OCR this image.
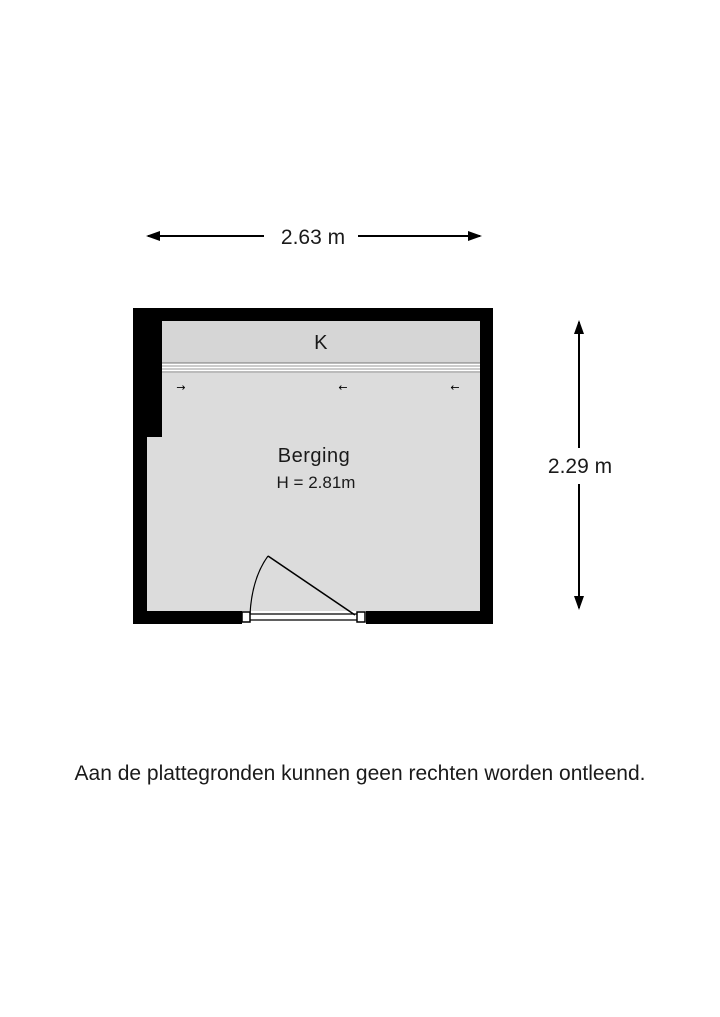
2.63 m
2.29 m
→	←	←
K
Berging
H = 2.81m
Aan de plattegronden kunnen geen rechten worden ontleend.
